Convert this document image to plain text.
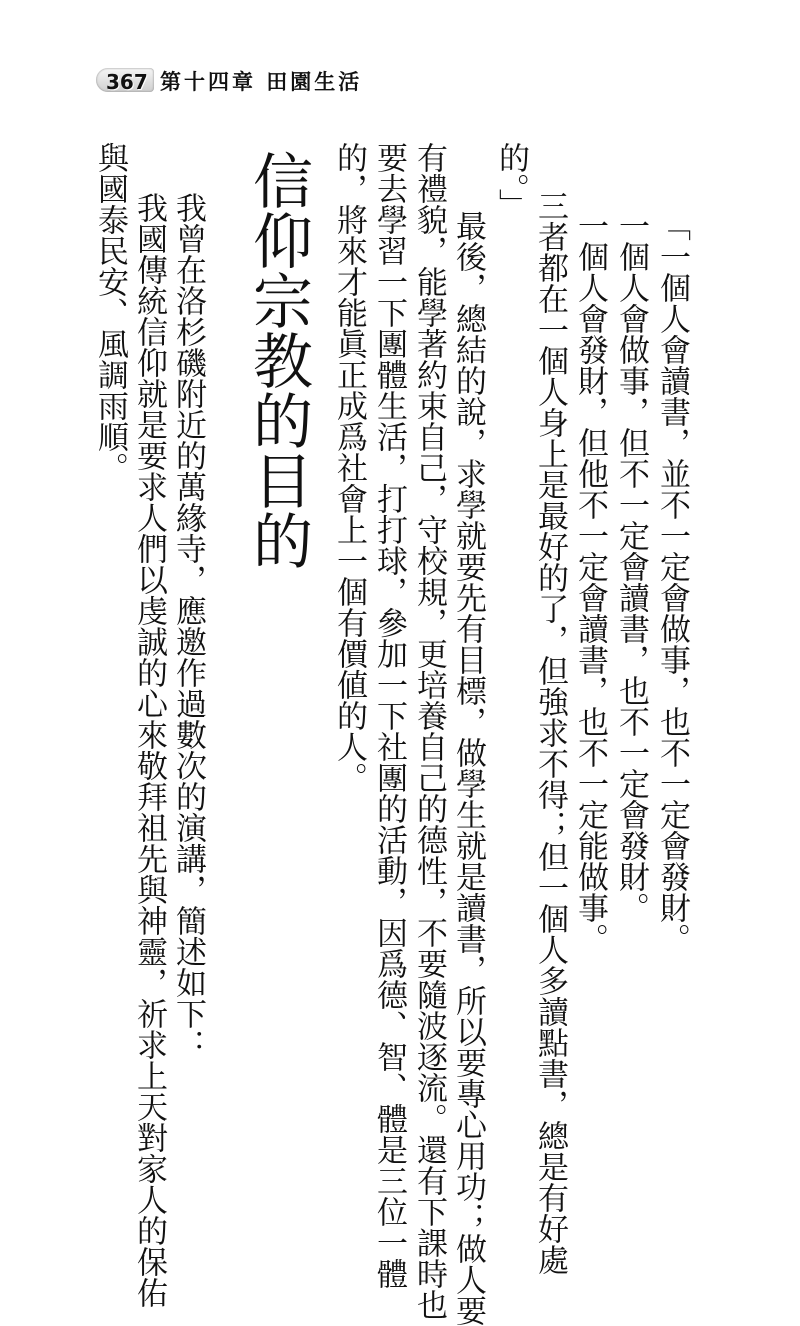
367 第十四章 田園生活
「一個人會讀書，並不一定會做事，也不一定會發財。
一個人會做事，但不一定會讀書，也不一定會發財。
一個人會發財，但他不一定會讀書，也不一定能做事。
三者都在一個人身上是最好的了，但強求不得；但一個人多讀點書，總是有好處
的。」
最後，總結的說，求學就要先有目標，做學生就是讀書，所以要專心用功；做人要
有禮貌，能學著約束自己，守校規，更培養自己的德性，不要隨波逐流。還有下課時也
要去學習一下團體生活，打打球，參加一下社團的活動，因爲德、智、體是三位一體
的，將來才能眞正成爲社會上一個有價値的人。
信仰宗教的目的
我曾在洛杉磯附近的萬緣寺，應邀作過數次的演講，簡述如下：
我國傳統信仰就是要求人們以虔誠的心來敬拜祖先與神靈，祈求上天對家人的保佑
與國泰民安、風調雨順。
